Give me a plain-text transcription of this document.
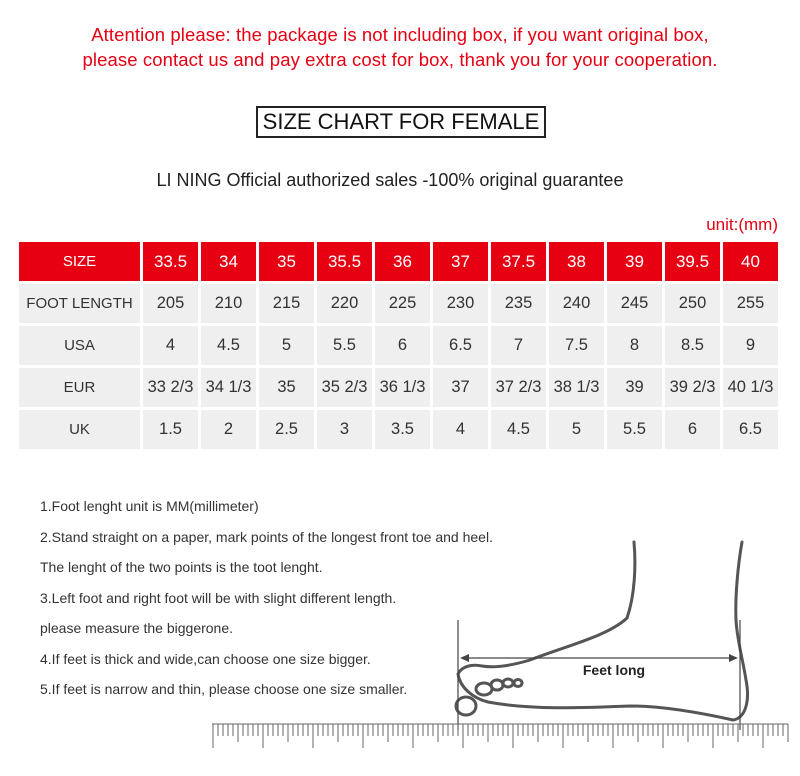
Attention please: the package is not including box, if you want original box,
please contact us and pay extra cost for box, thank you for your cooperation.
SIZE CHART FOR FEMALE
LI NING Official authorized sales -100% original guarantee
unit:(mm)
SIZE	33.5	34	35	35.5	36	37	37.5	38	39	39.5	40
FOOT LENGTH	205	210	215	220	225	230	235	240	245	250	255
USA	4	4.5	5	5.5	6	6.5	7	7.5	8	8.5	9
EUR	33 2/3	34 1/3	35	35 2/3	36 1/3	37	37 2/3	38 1/3	39	39 2/3	40 1/3
UK	1.5	2	2.5	3	3.5	4	4.5	5	5.5	6	6.5
1.Foot lenght unit is MM(millimeter)
2.Stand straight on a paper, mark points of the longest front toe and heel.
The lenght of the two points is the toot lenght.
3.Left foot and right foot will be with slight different length.
please measure the biggerone.
4.If feet is thick and wide,can choose one size bigger.
5.If feet is narrow and thin, please choose one size smaller.
Feet long
